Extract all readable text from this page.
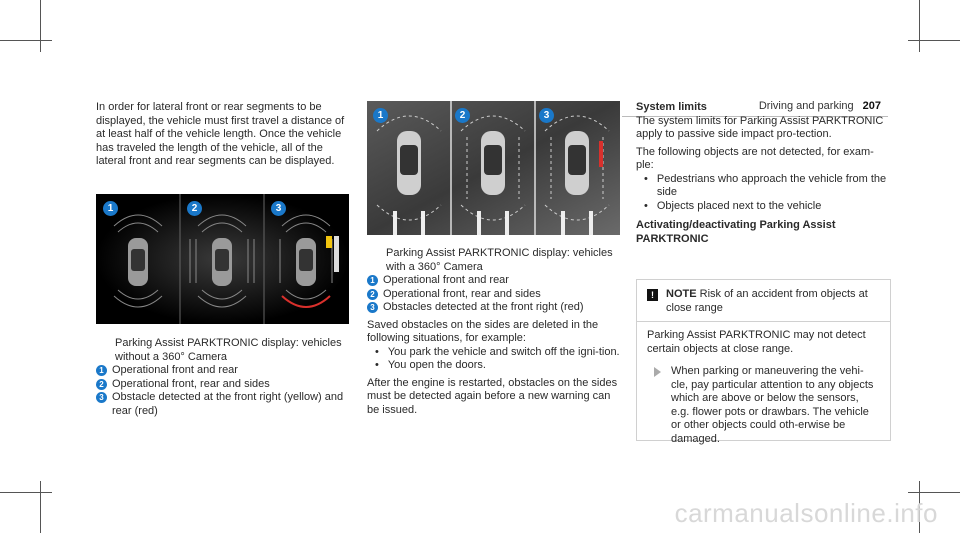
Driving and parking 207

In order for lateral front or rear segments to be displayed, the vehicle must first travel a distance of at least half of the vehicle length. Once the vehicle has traveled the length of the vehicle, all of the lateral front and rear segments can be displayed.

1	2	3
Parking Assist PARKTRONIC display: vehicles without a 360° Camera
1 Operational front and rear
2 Operational front, rear and sides
3 Obstacle detected at the front right (yellow) and rear (red)
1	2	3
Parking Assist PARKTRONIC display: vehicles with a 360° Camera
1 Operational front and rear
2 Operational front, rear and sides
3 Obstacles detected at the front right (red)
Saved obstacles on the sides are deleted in the following situations, for example:
• You park the vehicle and switch off the igni-tion.
• You open the doors.
After the engine is restarted, obstacles on the sides must be detected again before a new warning can be issued.
System limits

The system limits for Parking Assist PARKTRONIC apply to passive side impact pro-tection.

The following objects are not detected, for exam-ple:

• Pedestrians who approach the vehicle from the side
• Objects placed next to the vehicle
Activating/deactivating Parking Assist PARKTRONIC
!	NOTE Risk of an accident from objects at close range
Parking Assist PARKTRONIC may not detect certain objects at close range.
When parking or maneuvering the vehi-cle, pay particular attention to any objects which are above or below the sensors, e.g. flower pots or drawbars. The vehicle or other objects could oth-erwise be damaged.
carmanualsonline.info
